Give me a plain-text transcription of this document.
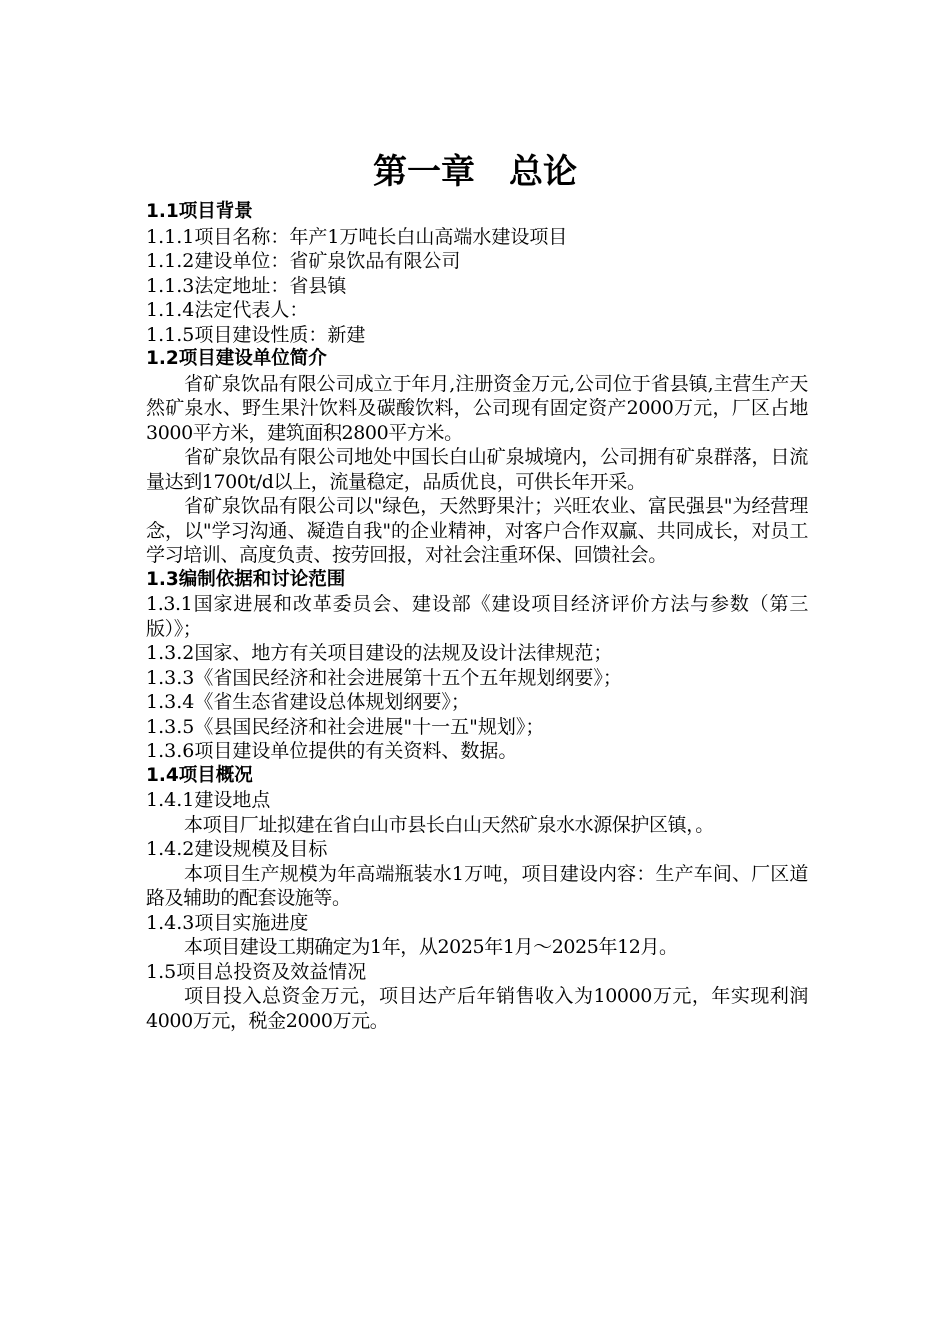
第一章　总论

1.1项目背景

1.1.1项目名称：年产1万吨长白山高端水建设项目

1.1.2建设单位：省矿泉饮品有限公司

1.1.3法定地址：省县镇

1.1.4法定代表人：

1.1.5项目建设性质：新建

1.2项目建设单位简介

省矿泉饮品有限公司成立于年月,注册资金万元,公司位于省县镇,主营生产天然矿泉水、野生果汁饮料及碳酸饮料，公司现有固定资产2000万元，厂区占地3000平方米，建筑面积2800平方米。

省矿泉饮品有限公司地处中国长白山矿泉城境内，公司拥有矿泉群落，日流量达到1700t/d以上，流量稳定，品质优良，可供长年开采。

省矿泉饮品有限公司以"绿色，天然野果汁；兴旺农业、富民强县"为经营理念，以"学习沟通、凝造自我"的企业精神，对客户合作双赢、共同成长，对员工学习培训、高度负责、按劳回报，对社会注重环保、回馈社会。

1.3编制依据和讨论范围

1.3.1国家进展和改革委员会、建设部《建设项目经济评价方法与参数（第三版）》；

1.3.2国家、地方有关项目建设的法规及设计法律规范；

1.3.3《省国民经济和社会进展第十五个五年规划纲要》；

1.3.4《省生态省建设总体规划纲要》；

1.3.5《县国民经济和社会进展"十一五"规划》；

1.3.6项目建设单位提供的有关资料、数据。

1.4项目概况

1.4.1建设地点

本项目厂址拟建在省白山市县长白山天然矿泉水水源保护区镇，。

1.4.2建设规模及目标

本项目生产规模为年高端瓶装水1万吨，项目建设内容：生产车间、厂区道路及辅助的配套设施等。

1.4.3项目实施进度

本项目建设工期确定为1年，从2025年1月～2025年12月。

1.5项目总投资及效益情况

项目投入总资金万元，项目达产后年销售收入为10000万元，年实现利润4000万元，税金2000万元。
